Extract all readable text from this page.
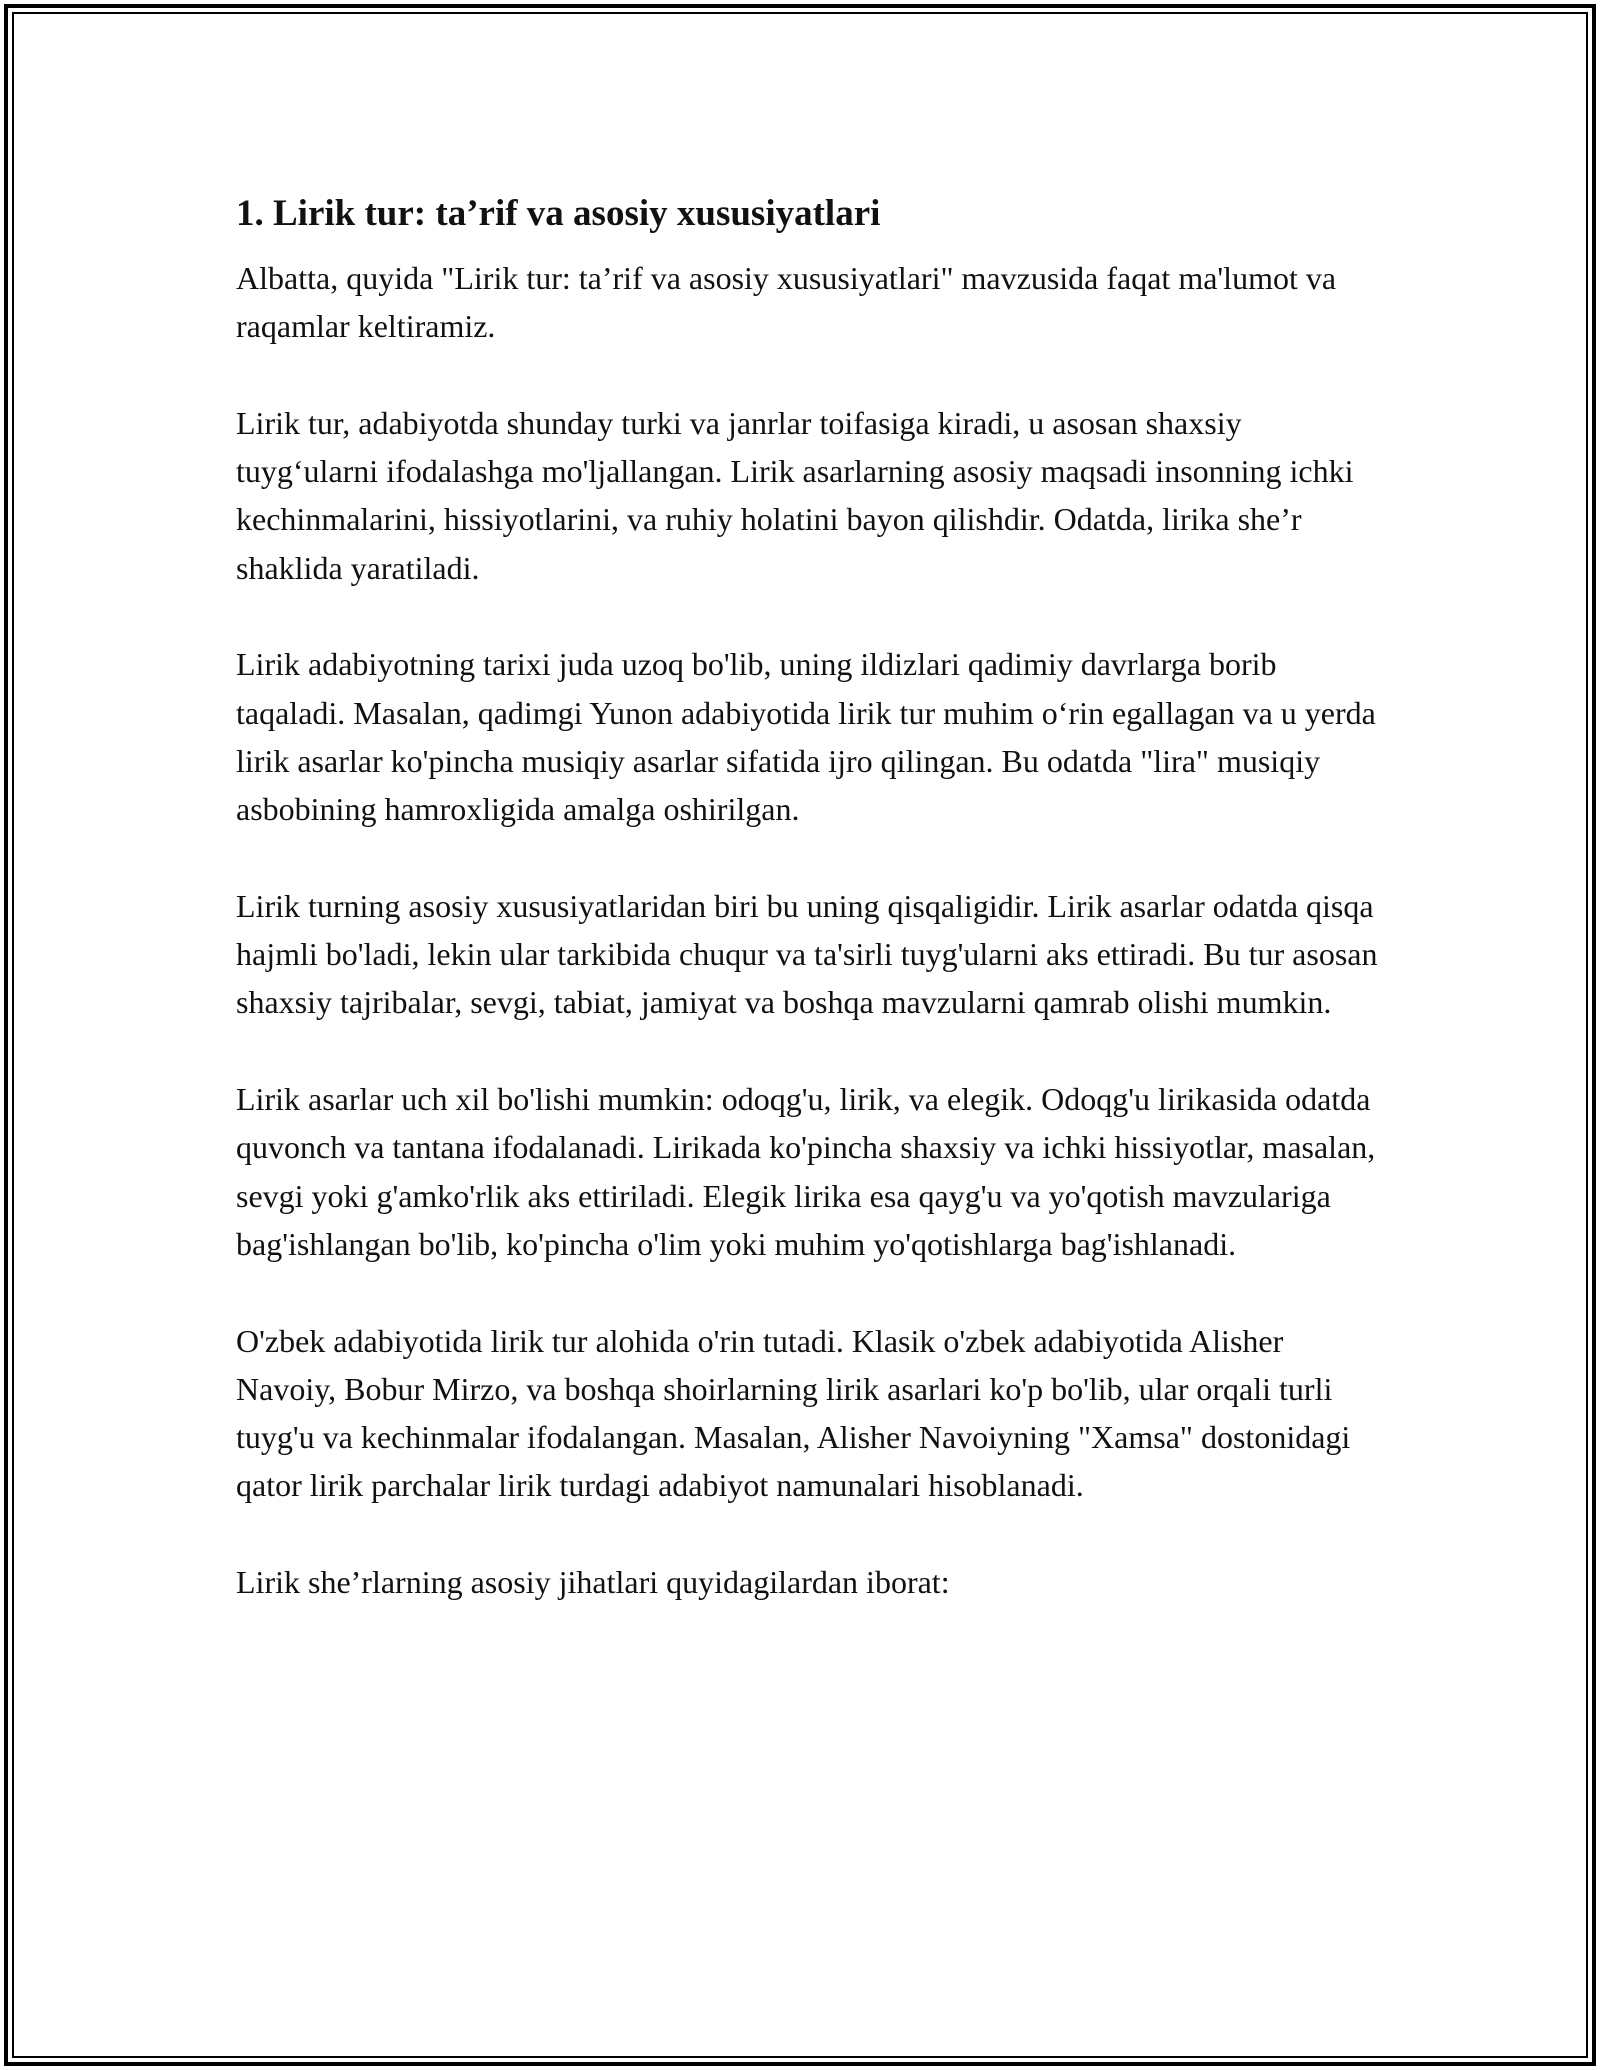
1. Lirik tur: ta’rif va asosiy xususiyatlari

Albatta, quyida "Lirik tur: ta’rif va asosiy xususiyatlari" mavzusida faqat ma'lumot va raqamlar keltiramiz.

Lirik tur, adabiyotda shunday turki va janrlar toifasiga kiradi, u asosan shaxsiy tuyg‘ularni ifodalashga mo'ljallangan. Lirik asarlarning asosiy maqsadi insonning ichki kechinmalarini, hissiyotlarini, va ruhiy holatini bayon qilishdir. Odatda, lirika she’r shaklida yaratiladi.

Lirik adabiyotning tarixi juda uzoq bo'lib, uning ildizlari qadimiy davrlarga borib taqaladi. Masalan, qadimgi Yunon adabiyotida lirik tur muhim o‘rin egallagan va u yerda lirik asarlar ko'pincha musiqiy asarlar sifatida ijro qilingan. Bu odatda "lira" musiqiy asbobining hamroxligida amalga oshirilgan.

Lirik turning asosiy xususiyatlaridan biri bu uning qisqaligidir. Lirik asarlar odatda qisqa hajmli bo'ladi, lekin ular tarkibida chuqur va ta'sirli tuyg'ularni aks ettiradi. Bu tur asosan shaxsiy tajribalar, sevgi, tabiat, jamiyat va boshqa mavzularni qamrab olishi mumkin.

Lirik asarlar uch xil bo'lishi mumkin: odoqg'u, lirik, va elegik. Odoqg'u lirikasida odatda quvonch va tantana ifodalanadi. Lirikada ko'pincha shaxsiy va ichki hissiyotlar, masalan, sevgi yoki g'amko'rlik aks ettiriladi. Elegik lirika esa qayg'u va yo'qotish mavzulariga bag'ishlangan bo'lib, ko'pincha o'lim yoki muhim yo'qotishlarga bag'ishlanadi.

O'zbek adabiyotida lirik tur alohida o'rin tutadi. Klasik o'zbek adabiyotida Alisher Navoiy, Bobur Mirzo, va boshqa shoirlarning lirik asarlari ko'p bo'lib, ular orqali turli tuyg'u va kechinmalar ifodalangan. Masalan, Alisher Navoiyning "Xamsa" dostonidagi qator lirik parchalar lirik turdagi adabiyot namunalari hisoblanadi.

Lirik she’rlarning asosiy jihatlari quyidagilardan iborat:
